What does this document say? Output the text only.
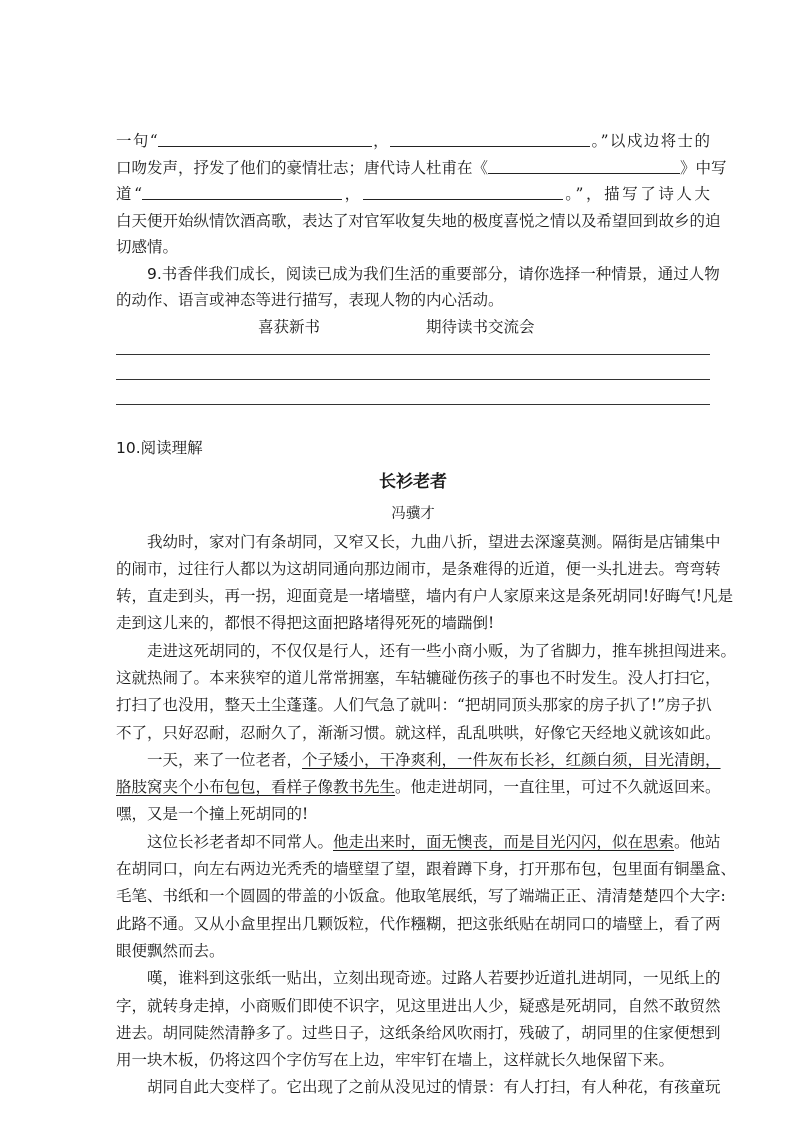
一句“	，	。”以戍边将士的
口吻发声，抒发了他们的豪情壮志；唐代诗人杜甫在《	》中写
道“	，	。”，描写了诗人大
白天便开始纵情饮酒高歌，表达了对官军收复失地的极度喜悦之情以及希望回到故乡的迫
切感情。
9.书香伴我们成长，阅读已成为我们生活的重要部分，请你选择一种情景，通过人物
的动作、语言或神态等进行描写，表现人物的内心活动。
喜获新书	期待读书交流会
10.阅读理解
长衫老者
冯骥才
我幼时，家对门有条胡同，又窄又长，九曲八折，望进去深邃莫测。隔街是店铺集中
的闹市，过往行人都以为这胡同通向那边闹市，是条难得的近道，便一头扎进去。弯弯转
转，直走到头，再一拐，迎面竟是一堵墙壁，墙内有户人家原来这是条死胡同!好晦气!凡是
走到这儿来的，都恨不得把这面把路堵得死死的墙踹倒!
走进这死胡同的，不仅仅是行人，还有一些小商小贩，为了省脚力，推车挑担闯进来。
这就热闹了。本来狭窄的道儿常常拥塞，车轱辘碰伤孩子的事也不时发生。没人打扫它，
打扫了也没用，整天土尘蓬蓬。人们气急了就叫：“把胡同顶头那家的房子扒了!”房子扒
不了，只好忍耐，忍耐久了，渐渐习惯。就这样，乱乱哄哄，好像它天经地义就该如此。
一天，来了一位老者，个子矮小，干净爽利，一件灰布长衫，红颜白须，目光清朗，
胳肢窝夹个小布包包，看样子像教书先生。他走进胡同，一直往里，可过不久就返回来。
嘿，又是一个撞上死胡同的!
这位长衫老者却不同常人。他走出来时，面无懊丧，而是目光闪闪，似在思索。他站
在胡同口，向左右两边光秃秃的墙壁望了望，跟着蹲下身，打开那布包，包里面有铜墨盒、
毛笔、书纸和一个圆圆的带盖的小饭盒。他取笔展纸，写了端端正正、清清楚楚四个大字:
此路不通。又从小盒里捏出几颗饭粒，代作糨糊，把这张纸贴在胡同口的墙壁上，看了两
眼便飘然而去。
嘆，谁料到这张纸一贴出，立刻出现奇迹。过路人若要抄近道扎进胡同，一见纸上的
字，就转身走掉，小商贩们即使不识字，见这里进出人少，疑惑是死胡同，自然不敢贸然
进去。胡同陡然清静多了。过些日子，这纸条给风吹雨打，残破了，胡同里的住家便想到
用一块木板，仍将这四个字仿写在上边，牢牢钉在墙上，这样就长久地保留下来。
胡同自此大变样了。它出现了之前从没见过的情景：有人打扫，有人种花，有孩童玩
